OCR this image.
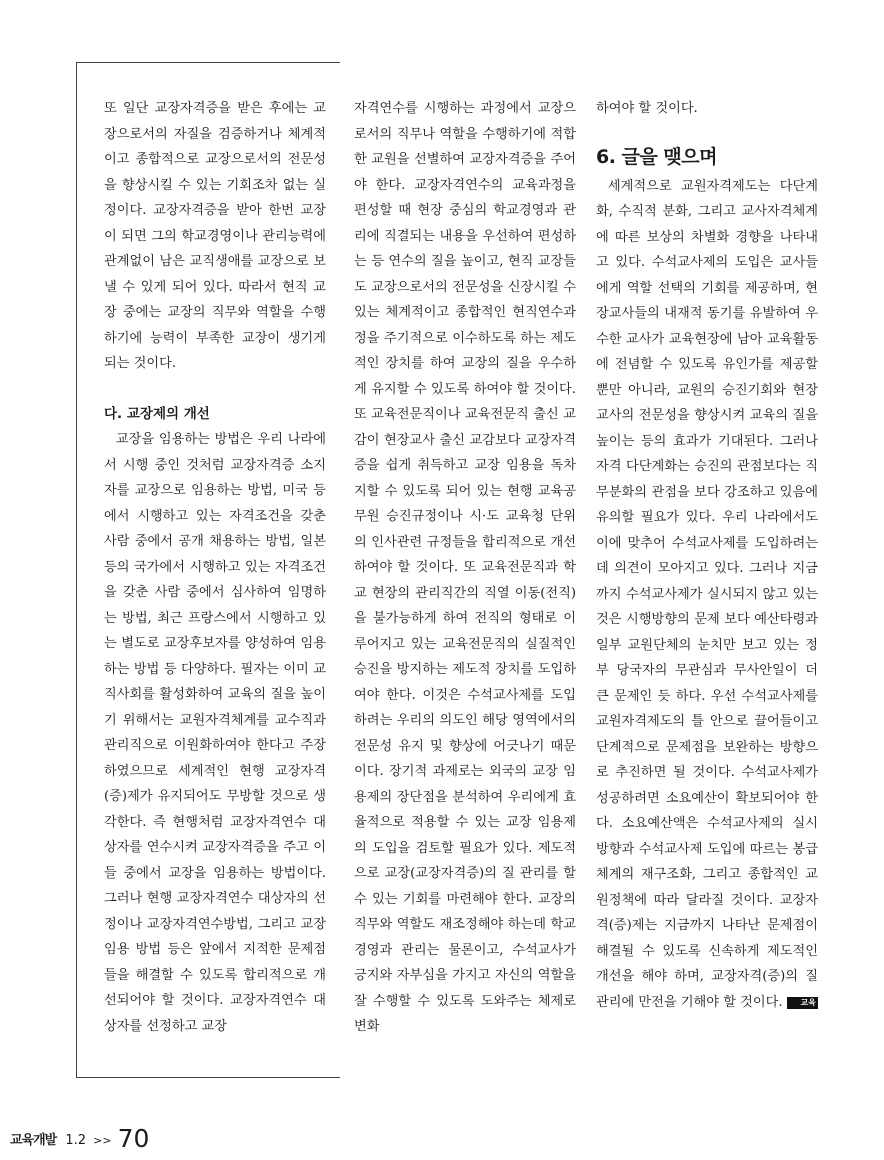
또 일단 교장자격증을 받은 후에는 교장으로서의 자질을 검증하거나 체계적이고 종합적으로 교장으로서의 전문성을 향상시킬 수 있는 기회조차 없는 실정이다. 교장자격증을 받아 한번 교장이 되면 그의 학교경영이나 관리능력에 관계없이 남은 교직생애를 교장으로 보낼 수 있게 되어 있다. 따라서 현직 교장 중에는 교장의 직무와 역할을 수행하기에 능력이 부족한 교장이 생기게 되는 것이다.

다. 교장제의 개선

교장을 임용하는 방법은 우리 나라에서 시행 중인 것처럼 교장자격증 소지자를 교장으로 임용하는 방법, 미국 등에서 시행하고 있는 자격조건을 갖춘 사람 중에서 공개 채용하는 방법, 일본 등의 국가에서 시행하고 있는 자격조건을 갖춘 사람 중에서 심사하여 임명하는 방법, 최근 프랑스에서 시행하고 있는 별도로 교장후보자를 양성하여 임용하는 방법 등 다양하다. 필자는 이미 교직사회를 활성화하여 교육의 질을 높이기 위해서는 교원자격체계를 교수직과 관리직으로 이원화하여야 한다고 주장하였으므로 세계적인 현행 교장자격(증)제가 유지되어도 무방할 것으로 생각한다. 즉 현행처럼 교장자격연수 대상자를 연수시켜 교장자격증을 주고 이들 중에서 교장을 임용하는 방법이다. 그러나 현행 교장자격연수 대상자의 선정이나 교장자격연수방법, 그리고 교장임용 방법 등은 앞에서 지적한 문제점들을 해결할 수 있도록 합리적으로 개선되어야 할 것이다. 교장자격연수 대상자를 선정하고 교장

자격연수를 시행하는 과정에서 교장으로서의 직무나 역할을 수행하기에 적합한 교원을 선별하여 교장자격증을 주어야 한다. 교장자격연수의 교육과정을 편성할 때 현장 중심의 학교경영과 관리에 직결되는 내용을 우선하여 편성하는 등 연수의 질을 높이고, 현직 교장들도 교장으로서의 전문성을 신장시킬 수 있는 체계적이고 종합적인 현직연수과정을 주기적으로 이수하도록 하는 제도적인 장치를 하여 교장의 질을 우수하게 유지할 수 있도록 하여야 할 것이다. 또 교육전문직이나 교육전문직 출신 교감이 현장교사 출신 교감보다 교장자격증을 쉽게 취득하고 교장 임용을 독차지할 수 있도록 되어 있는 현행 교육공무원 승진규정이나 시·도 교육청 단위의 인사관련 규정들을 합리적으로 개선하여야 할 것이다. 또 교육전문직과 학교 현장의 관리직간의 직열 이동(전직)을 불가능하게 하여 전직의 형태로 이루어지고 있는 교육전문직의 실질적인 승진을 방지하는 제도적 장치를 도입하여야 한다. 이것은 수석교사제를 도입하려는 우리의 의도인 해당 영역에서의 전문성 유지 및 향상에 어긋나기 때문이다. 장기적 과제로는 외국의 교장 임용제의 장단점을 분석하여 우리에게 효율적으로 적용할 수 있는 교장 임용제의 도입을 검토할 필요가 있다. 제도적으로 교장(교장자격증)의 질 관리를 할 수 있는 기회를 마련해야 한다. 교장의 직무와 역할도 재조정해야 하는데 학교경영과 관리는 물론이고, 수석교사가 긍지와 자부심을 가지고 자신의 역할을 잘 수행할 수 있도록 도와주는 체제로 변화

하여야 할 것이다.

6. 글을 맺으며

세계적으로 교원자격제도는 다단계화, 수직적 분화, 그리고 교사자격체계에 따른 보상의 차별화 경향을 나타내고 있다. 수석교사제의 도입은 교사들에게 역할 선택의 기회를 제공하며, 현장교사들의 내재적 동기를 유발하여 우수한 교사가 교육현장에 남아 교육활동에 전념할 수 있도록 유인가를 제공할 뿐만 아니라, 교원의 승진기회와 현장교사의 전문성을 향상시켜 교육의 질을 높이는 등의 효과가 기대된다. 그러나 자격 다단계화는 승진의 관점보다는 직무분화의 관점을 보다 강조하고 있음에 유의할 필요가 있다. 우리 나라에서도 이에 맞추어 수석교사제를 도입하려는데 의견이 모아지고 있다. 그러나 지금까지 수석교사제가 실시되지 않고 있는 것은 시행방향의 문제 보다 예산타령과 일부 교원단체의 눈치만 보고 있는 정부 당국자의 무관심과 무사안일이 더 큰 문제인 듯 하다. 우선 수석교사제를 교원자격제도의 틀 안으로 끌어들이고 단계적으로 문제점을 보완하는 방향으로 추진하면 될 것이다. 수석교사제가 성공하려면 소요예산이 확보되어야 한다. 소요예산액은 수석교사제의 실시 방향과 수석교사제 도입에 따르는 봉급체계의 재구조화, 그리고 종합적인 교원정책에 따라 달라질 것이다. 교장자격(증)제는 지금까지 나타난 문제점이 해결될 수 있도록 신속하게 제도적인 개선을 해야 하며, 교장자격(증)의 질 관리에 만전을 기해야 할 것이다. 교육

교육개발 1.2 >> 70
